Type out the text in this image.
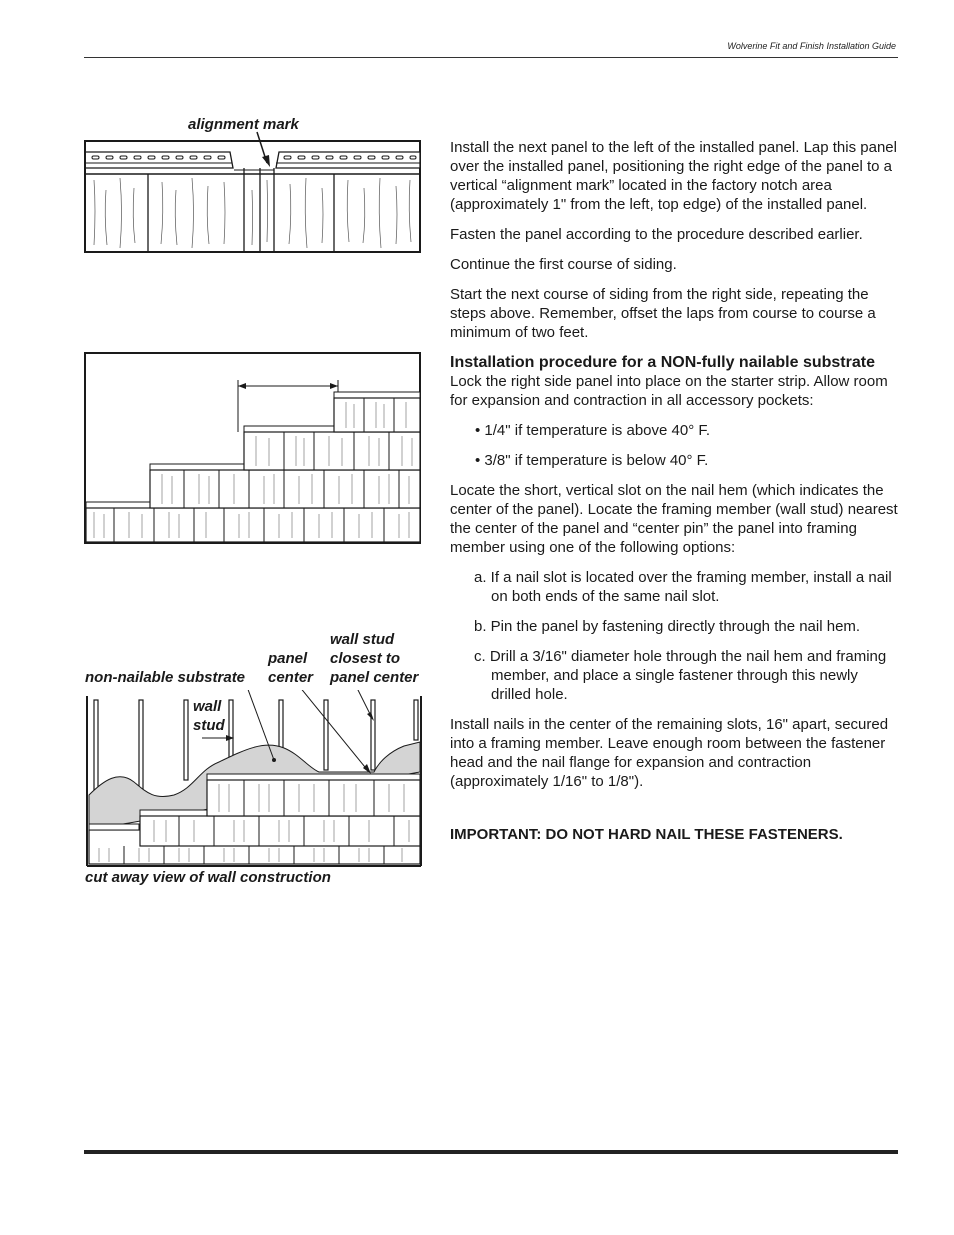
Wolverine Fit and Finish Installation Guide
alignment mark
wall stud
closest to
panel center
panel
center
non-nailable substrate
wall
stud
cut away view of wall construction

Install the next panel to the left of the installed panel. Lap this panel over the installed panel, positioning the right edge of the panel to a vertical “alignment mark” located in the factory notch area (approximately 1" from the left, top edge) of the installed panel.

Fasten the panel according to the procedure described earlier.

Continue the first course of siding.

Start the next course of siding from the right side, repeating the steps above. Remember, offset the laps from course to course a minimum of two feet.

Installation procedure for a NON-fully nailable substrate

Lock the right side panel into place on the starter strip. Allow room for expansion and contraction in all accessory pockets:

• 1/4" if temperature is above 40° F.

• 3/8" if temperature is below 40° F.

Locate the short, vertical slot on the nail hem (which indicates the center of the panel). Locate the framing member (wall stud) nearest the center of the panel and “center pin” the panel into framing member using one of the following options:

a. If a nail slot is located over the framing member, install a nail on both ends of the same nail slot.

b. Pin the panel by fastening directly through the nail hem.

c. Drill a 3/16" diameter hole through the nail hem and framing member, and place a single fastener through this newly drilled hole.

Install nails in the center of the remaining slots, 16" apart, secured into a framing member. Leave enough room between the fastener head and the nail flange for expansion and contraction (approximately 1/16" to 1/8").

IMPORTANT: DO NOT HARD NAIL THESE FASTENERS.
